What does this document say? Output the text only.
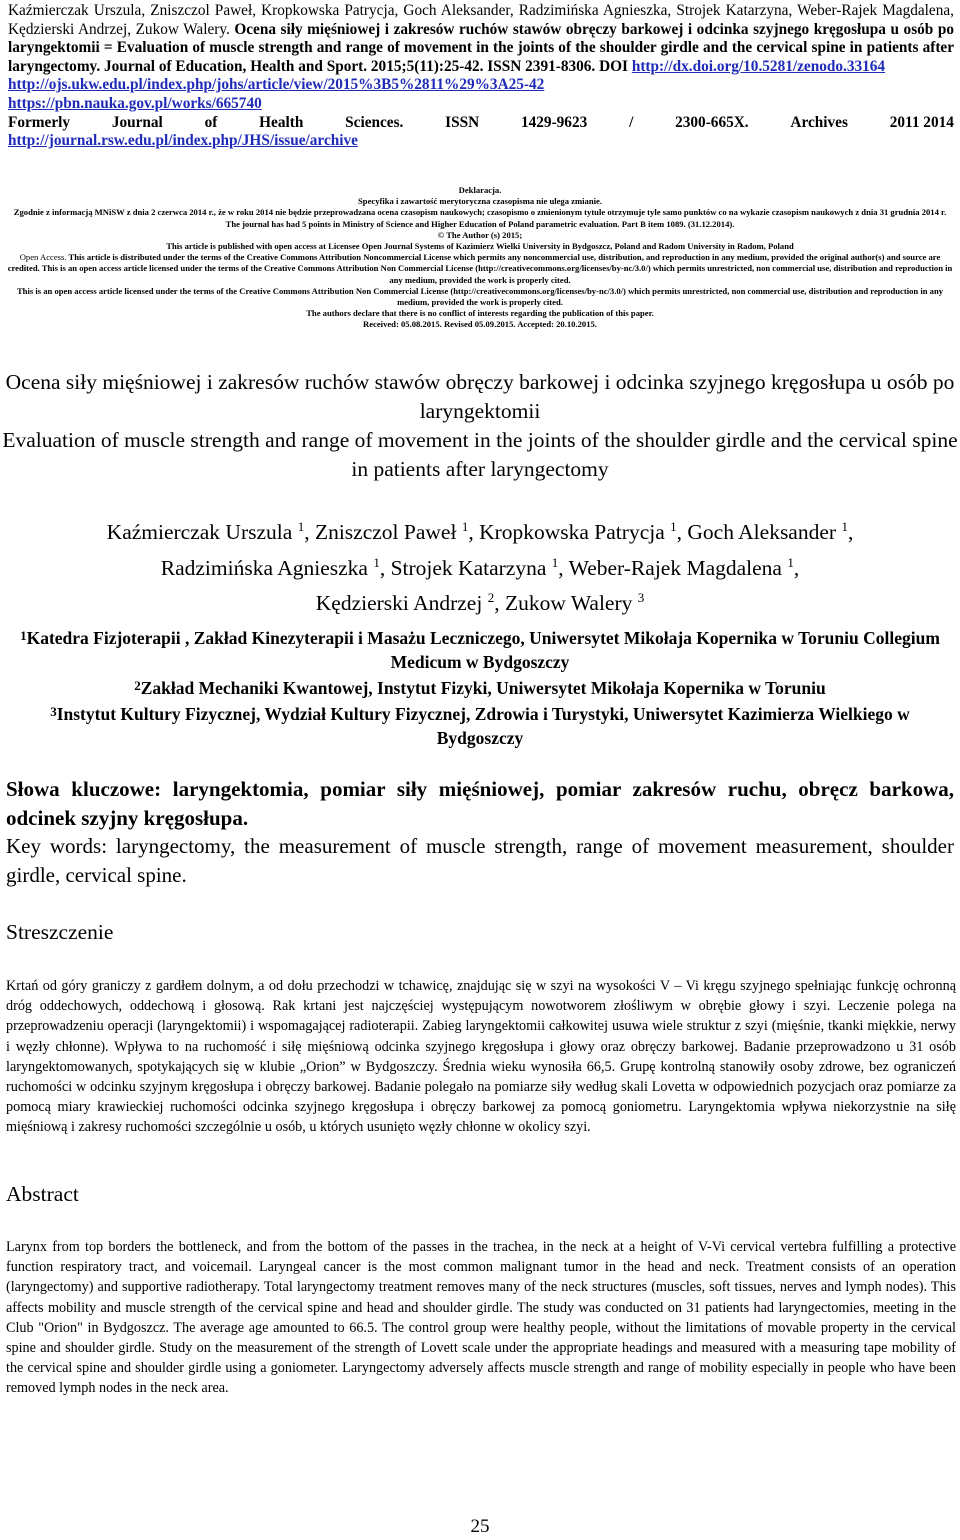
Kaźmierczak Urszula, Zniszczol Paweł, Kropkowska Patrycja, Goch Aleksander, Radzimińska Agnieszka, Strojek Katarzyna, Weber-Rajek Magdalena, Kędzierski Andrzej, Zukow Walery. Ocena siły mięśniowej i zakresów ruchów stawów obręczy barkowej i odcinka szyjnego kręgosłupa u osób po laryngektomii = Evaluation of muscle strength and range of movement in the joints of the shoulder girdle and the cervical spine in patients after laryngectomy. Journal of Education, Health and Sport. 2015;5(11):25-42. ISSN 2391-8306. DOI http://dx.doi.org/10.5281/zenodo.33164
http://ojs.ukw.edu.pl/index.php/johs/article/view/2015%3B5%2811%29%3A25-42
https://pbn.nauka.gov.pl/works/665740

Formerly	Journal	of	Health	Sciences.	ISSN	1429-9623	/	2300-665X.	Archives	2011 2014
http://journal.rsw.edu.pl/index.php/JHS/issue/archive

Deklaracja.

Specyfika i zawartość merytoryczna czasopisma nie ulega zmianie.

Zgodnie z informacją MNiSW z dnia 2 czerwca 2014 r., że w roku 2014 nie będzie przeprowadzana ocena czasopism naukowych; czasopismo o zmienionym tytule otrzymuje tyle samo punktów co na wykazie czasopism naukowych z dnia 31 grudnia 2014 r.

The journal has had 5 points in Ministry of Science and Higher Education of Poland parametric evaluation. Part B item 1089. (31.12.2014).

© The Author (s) 2015;

This article is published with open access at Licensee Open Journal Systems of Kazimierz Wielki University in Bydgoszcz, Poland and Radom University in Radom, Poland

Open Access. This article is distributed under the terms of the Creative Commons Attribution Noncommercial License which permits any noncommercial use, distribution, and reproduction in any medium, provided the original author(s) and source are credited. This is an open access article licensed under the terms of the Creative Commons Attribution Non Commercial License (http://creativecommons.org/licenses/by-nc/3.0/) which permits unrestricted, non commercial use, distribution and reproduction in any medium, provided the work is properly cited.

This is an open access article licensed under the terms of the Creative Commons Attribution Non Commercial License (http://creativecommons.org/licenses/by-nc/3.0/) which permits unrestricted, non commercial use, distribution and reproduction in any medium, provided the work is properly cited.

The authors declare that there is no conflict of interests regarding the publication of this paper.

Received: 05.08.2015. Revised 05.09.2015. Accepted: 20.10.2015.

Ocena siły mięśniowej i zakresów ruchów stawów obręczy barkowej i odcinka szyjnego kręgosłupa u osób po laryngektomii

Evaluation of muscle strength and range of movement in the joints of the shoulder girdle and the cervical spine in patients after laryngectomy

Kaźmierczak Urszula $^1$, Zniszczol Paweł $^1$, Kropkowska Patrycja $^1$, Goch Aleksander $^1$,
Radzimińska Agnieszka $^1$, Strojek Katarzyna $^1$, Weber-Rajek Magdalena $^1$,
Kędzierski Andrzej $^2$, Zukow Walery $^3$

$^1$Katedra Fizjoterapii , Zakład Kinezyterapii i Masażu Leczniczego, Uniwersytet Mikołaja Kopernika w Toruniu Collegium Medicum w Bydgoszczy

$^2$Zakład Mechaniki Kwantowej, Instytut Fizyki, Uniwersytet Mikołaja Kopernika w Toruniu

$^3$Instytut Kultury Fizycznej, Wydział Kultury Fizycznej, Zdrowia i Turystyki, Uniwersytet Kazimierza Wielkiego w Bydgoszczy

Słowa kluczowe: laryngektomia, pomiar siły mięśniowej, pomiar zakresów ruchu, obręcz barkowa, odcinek szyjny kręgosłupa.

Key words: laryngectomy, the measurement of muscle strength, range of movement measurement, shoulder girdle, cervical spine.

Streszczenie

Krtań od góry graniczy z gardłem dolnym, a od dołu przechodzi w tchawicę, znajdując się w szyi na wysokości V – Vi kręgu szyjnego spełniając funkcję ochronną dróg oddechowych, oddechową i głosową. Rak krtani jest najczęściej występującym nowotworem złośliwym w obrębie głowy i szyi. Leczenie polega na przeprowadzeniu operacji (laryngektomii) i wspomagającej radioterapii. Zabieg laryngektomii całkowitej usuwa wiele struktur z szyi (mięśnie, tkanki miękkie, nerwy i węzły chłonne). Wpływa to na ruchomość i siłę mięśniową odcinka szyjnego kręgosłupa i głowy oraz obręczy barkowej. Badanie przeprowadzono u 31 osób laryngektomowanych, spotykających się w klubie „Orion” w Bydgoszczy. Średnia wieku wynosiła 66,5. Grupę kontrolną stanowiły osoby zdrowe, bez ograniczeń ruchomości w odcinku szyjnym kręgosłupa i obręczy barkowej. Badanie polegało na pomiarze siły według skali Lovetta w odpowiednich pozycjach oraz pomiarze za pomocą miary krawieckiej ruchomości odcinka szyjnego kręgosłupa i obręczy barkowej za pomocą goniometru. Laryngektomia wpływa niekorzystnie na siłę mięśniową i zakresy ruchomości szczególnie u osób, u których usunięto węzły chłonne w okolicy szyi.

Abstract

Larynx from top borders the bottleneck, and from the bottom of the passes in the trachea, in the neck at a height of V-Vi cervical vertebra fulfilling a protective function respiratory tract, and voicemail. Laryngeal cancer is the most common malignant tumor in the head and neck. Treatment consists of an operation (laryngectomy) and supportive radiotherapy. Total laryngectomy treatment removes many of the neck structures (muscles, soft tissues, nerves and lymph nodes). This affects mobility and muscle strength of the cervical spine and head and shoulder girdle. The study was conducted on 31 patients had laryngectomies, meeting in the Club "Orion" in Bydgoszcz. The average age amounted to 66.5. The control group were healthy people, without the limitations of movable property in the cervical spine and shoulder girdle. Study on the measurement of the strength of Lovett scale under the appropriate headings and measured with a measuring tape mobility of the cervical spine and shoulder girdle using a goniometer. Laryngectomy adversely affects muscle strength and range of mobility especially in people who have been removed lymph nodes in the neck area.

25
